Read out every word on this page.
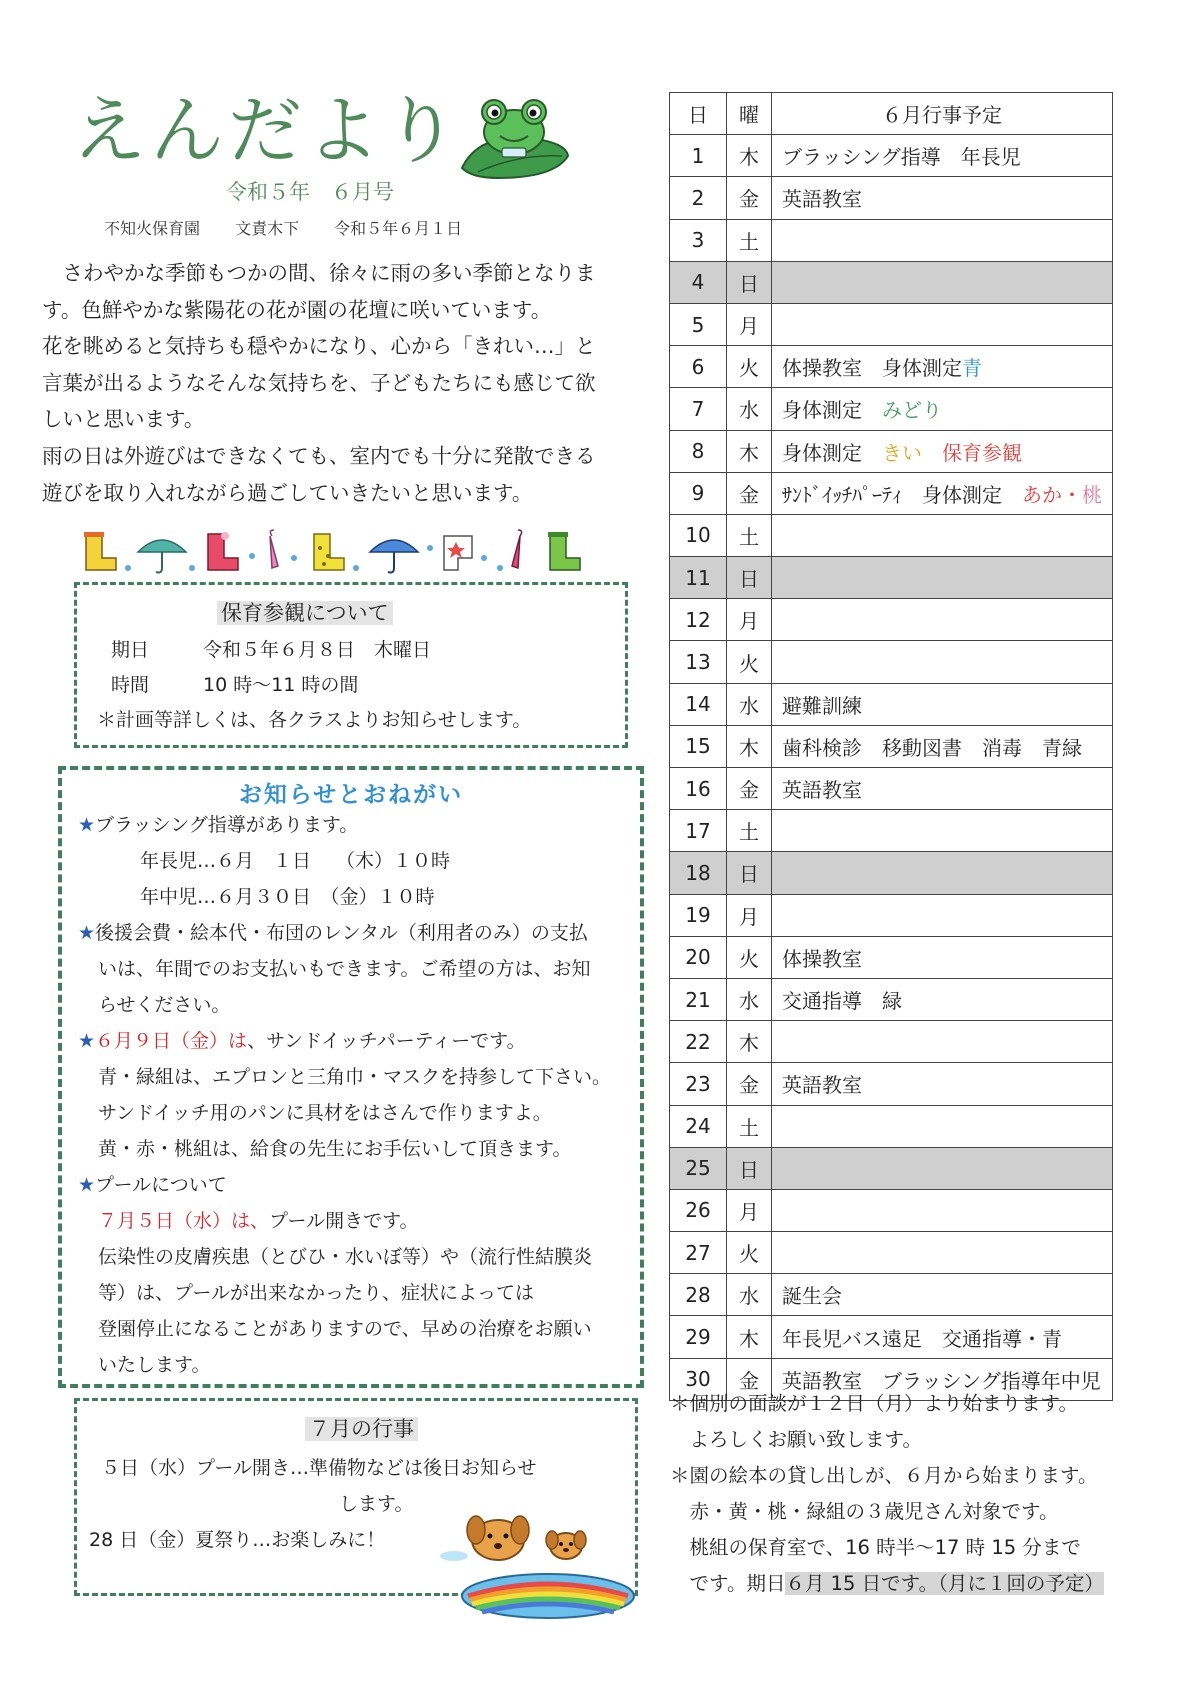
えんだより
令和５年　６月号
不知火保育園　 文責木下 　令和５年６月１日

　さわやかな季節もつかの間、徐々に雨の多い季節となりま

す。色鮮やかな紫陽花の花が園の花壇に咲いています。

花を眺めると気持ちも穏やかになり、心から「きれい…」と

言葉が出るようなそんな気持ちを、子どもたちにも感じて欲

しいと思います。

雨の日は外遊びはできなくても、室内でも十分に発散できる

遊びを取り入れながら過ごしていきたいと思います。

保育参観について
期日	令和５年６月８日　木曜日
時間	10 時～11 時の間
＊計画等詳しくは、各クラスよりお知らせします。
お知らせとおねがい
★ブラッシング指導があります。
年長児…６月　１日　 （木）１０時
年中児…６月３０日　（金）１０時
★後援会費・絵本代・布団のレンタル（利用者のみ）の支払
いは、年間でのお支払いもできます。ご希望の方は、お知
らせください。
★６月９日（金）は、サンドイッチパーティーです。
青・緑組は、エプロンと三角巾・マスクを持参して下さい。
サンドイッチ用のパンに具材をはさんで作りますよ。
黄・赤・桃組は、給食の先生にお手伝いして頂きます。
★プールについて
７月５日（水）は、プール開きです。
伝染性の皮膚疾患（とびひ・水いぼ等）や（流行性結膜炎
等）は、プールが出来なかったり、症状によっては
登園停止になることがありますので、早めの治療をお願い
いたします。
７月の行事
５日（水）プール開き…準備物などは後日お知らせ
します。
28 日（金）夏祭り…お楽しみに！
日	曜	６月行事予定
1	木	ブラッシング指導　年長児
2	金	英語教室
3	土	
4	日	
5	月	
6	火	体操教室　身体測定青
7	水	身体測定　みどり
8	木	身体測定　きい　 保育参観
9	金	ｻﾝﾄﾞｲｯﾁﾊﾟｰﾃｨ　身体測定　あか・桃
10	土	
11	日	
12	月	
13	火	
14	水	避難訓練
15	木	歯科検診　移動図書　消毒　青緑
16	金	英語教室
17	土	
18	日	
19	月	
20	火	体操教室
21	水	交通指導　緑
22	木	
23	金	英語教室
24	土	
25	日	
26	月	
27	火	
28	水	誕生会
29	木	年長児バス遠足　交通指導・青
30	金	英語教室　ブラッシング指導年中児
＊個別の面談が１２日（月）より始まります。
　よろしくお願い致します。
＊園の絵本の貸し出しが、６月から始まります。
　赤・黄・桃・緑組の３歳児さん対象です。
　桃組の保育室で、16 時半～17 時 15 分まで
　です。期日６月 15 日です。（月に１回の予定）
